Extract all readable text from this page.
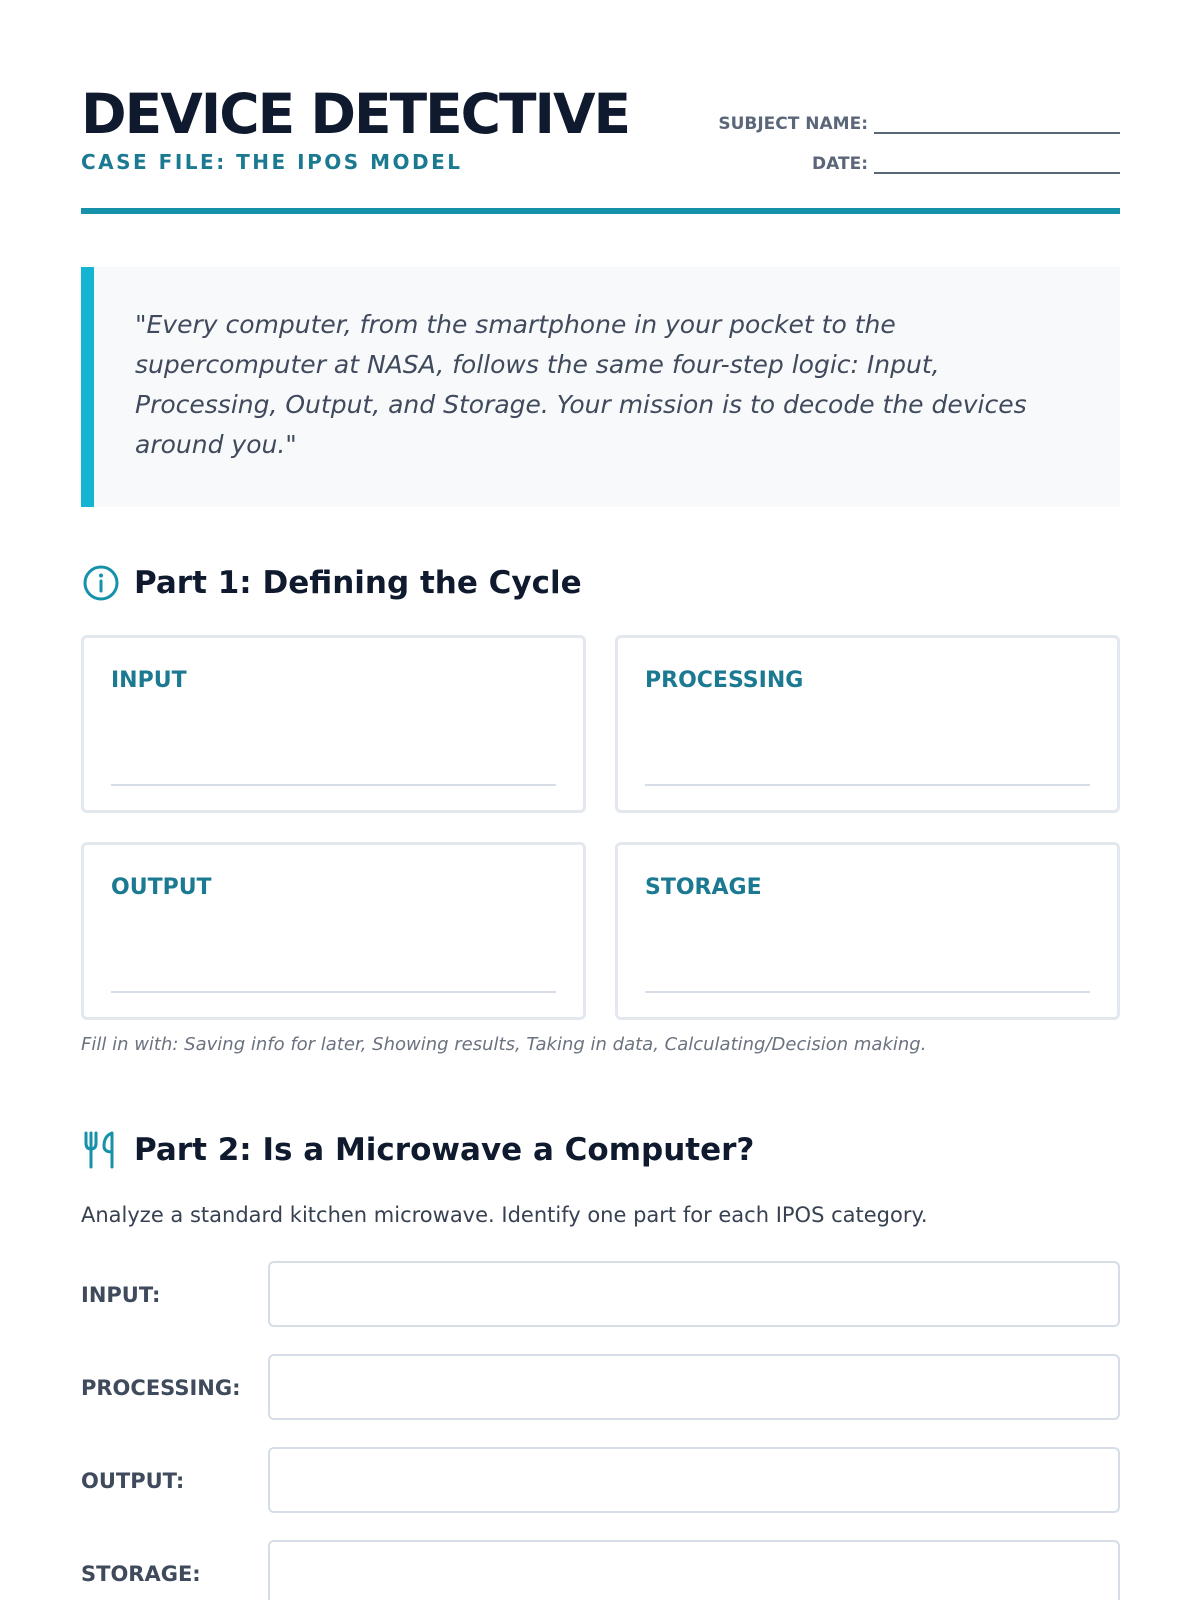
DEVICE DETECTIVE
CASE FILE: THE IPOS MODEL
SUBJECT NAME:
DATE:

"Every computer, from the smartphone in your pocket to the supercomputer at NASA, follows the same four-step logic: Input, Processing, Output, and Storage. Your mission is to decode the devices around you."

Part 1: Defining the Cycle
INPUT	PROCESSING
OUTPUT	STORAGE
Fill in with: Saving info for later, Showing results, Taking in data, Calculating/Decision making.
Part 2: Is a Microwave a Computer?
Analyze a standard kitchen microwave. Identify one part for each IPOS category.
INPUT:
PROCESSING:
OUTPUT:
STORAGE:
